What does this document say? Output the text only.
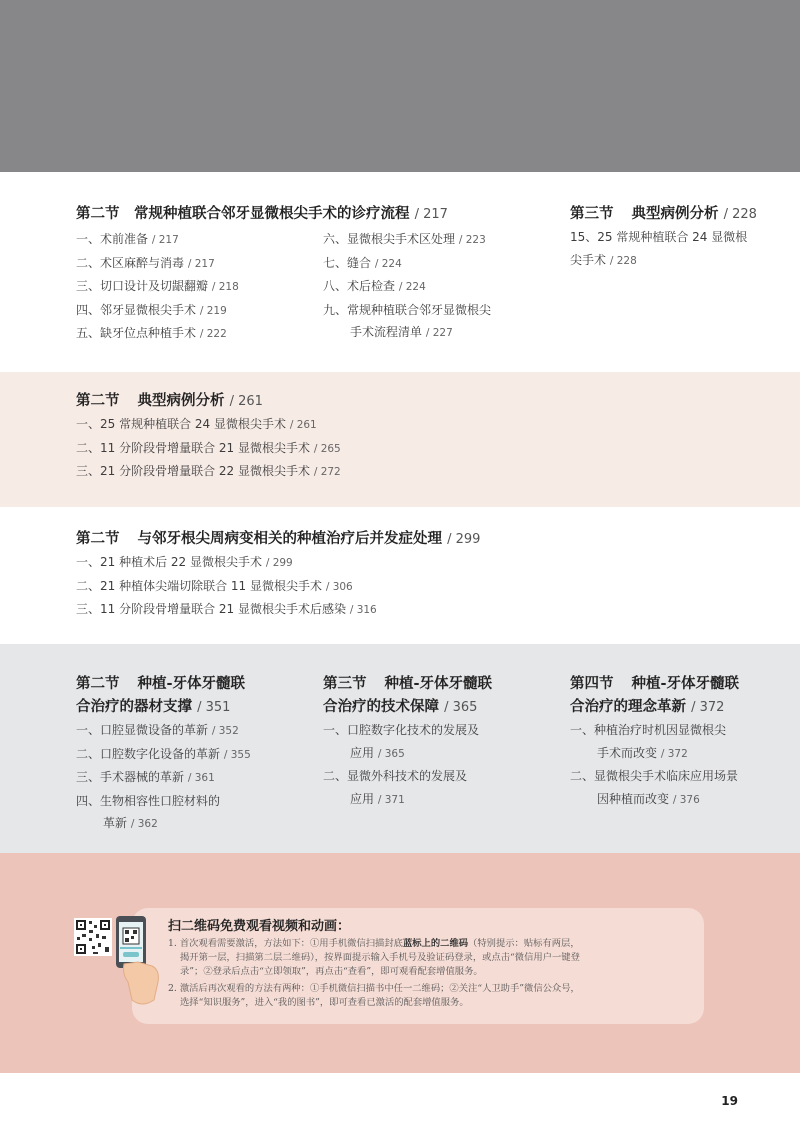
第二节　常规种植联合邻牙显微根尖手术的诊疗流程 / 217
一、术前准备 / 217
二、术区麻醉与消毒 / 217
三、切口设计及切龈翻瓣 / 218
四、邻牙显微根尖手术 / 219
五、缺牙位点种植手术 / 222
六、显微根尖手术区处理 / 223
七、缝合 / 224
八、术后检查 / 224
九、常规种植联合邻牙显微根尖
手术流程清单 / 227
第三节 典型病例分析 / 228
15、25 常规种植联合 24 显微根
尖手术 / 228
第二节 典型病例分析 / 261
一、25 常规种植联合 24 显微根尖手术 / 261
二、11 分阶段骨增量联合 21 显微根尖手术 / 265
三、21 分阶段骨增量联合 22 显微根尖手术 / 272
第二节 与邻牙根尖周病变相关的种植治疗后并发症处理 / 299
一、21 种植术后 22 显微根尖手术 / 299
二、21 种植体尖端切除联合 11 显微根尖手术 / 306
三、11 分阶段骨增量联合 21 显微根尖手术后感染 / 316
第二节 种植-牙体牙髓联
合治疗的器材支撑 / 351
一、口腔显微设备的革新 / 352
二、口腔数字化设备的革新 / 355
三、手术器械的革新 / 361
四、生物相容性口腔材料的
革新 / 362
第三节 种植-牙体牙髓联
合治疗的技术保障 / 365
一、口腔数字化技术的发展及
应用 / 365
二、显微外科技术的发展及
应用 / 371
第四节 种植-牙体牙髓联
合治疗的理念革新 / 372
一、种植治疗时机因显微根尖
手术而改变 / 372
二、显微根尖手术临床应用场景
因种植而改变 / 376
扫二维码免费观看视频和动画：
1. 首次观看需要激活，方法如下：①用手机微信扫描封底蓝标上的二维码（特别提示：贴标有两层，
揭开第一层，扫描第二层二维码），按界面提示输入手机号及验证码登录，或点击“微信用户一键登
录”；②登录后点击“立即领取”，再点击“查看”，即可观看配套增值服务。
2. 激活后再次观看的方法有两种：①手机微信扫描书中任一二维码；②关注“人卫助手”微信公众号，
选择“知识服务”，进入“我的图书”，即可查看已激活的配套增值服务。
19
